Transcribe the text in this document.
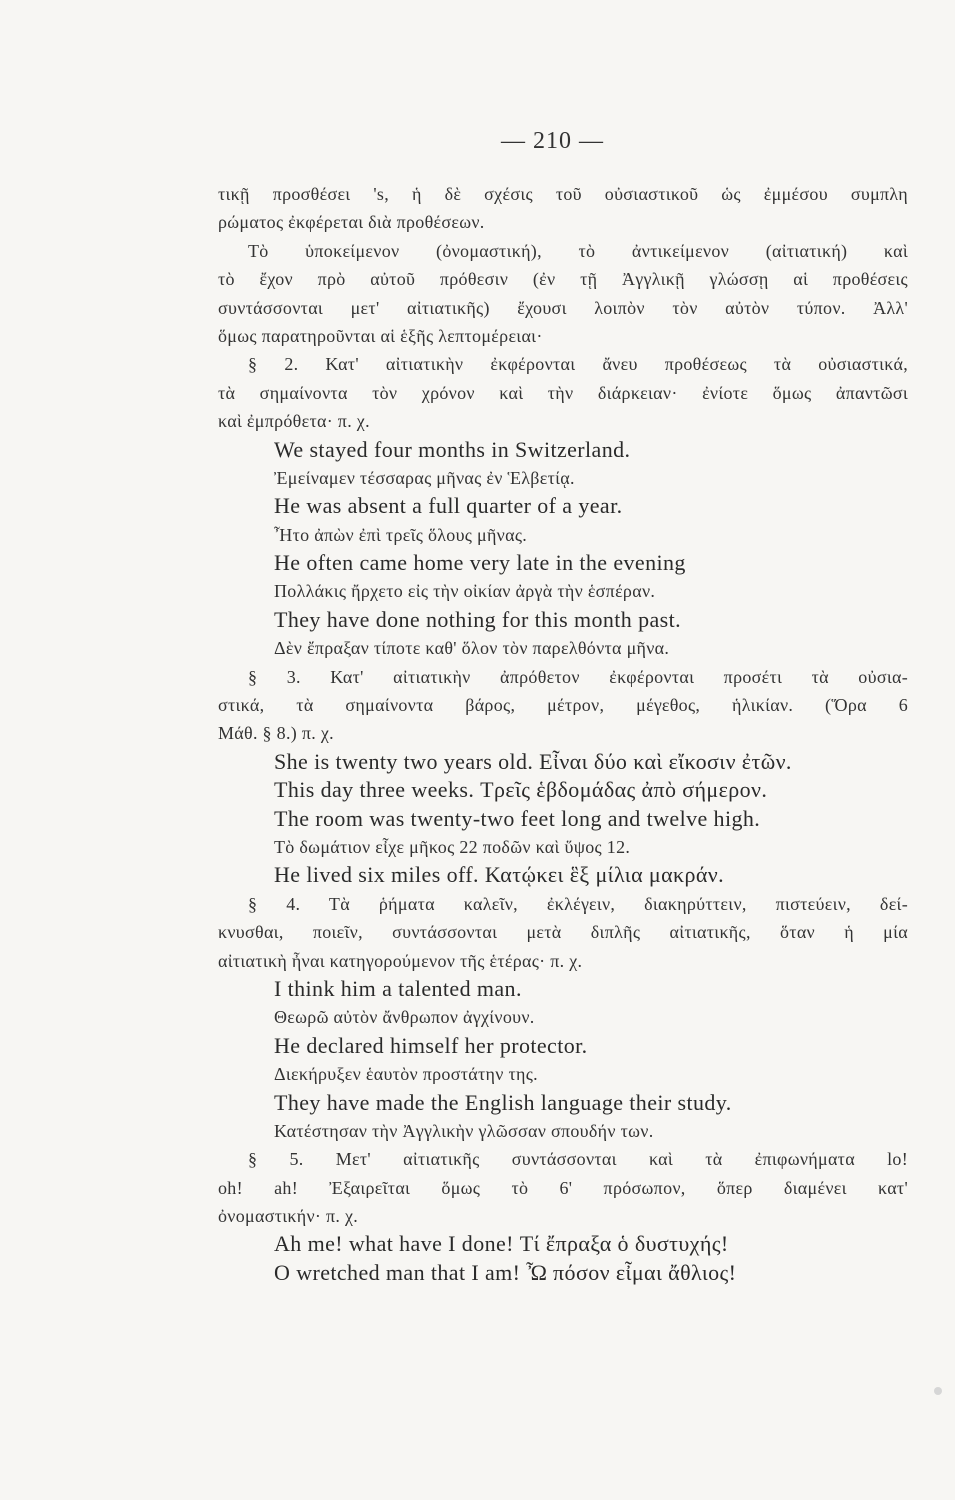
— 210 —
τικῇ προσθέσει 's, ἡ δὲ σχέσις τοῦ οὐσιαστικοῦ ὡς ἐμμέσου συμπλη
ρώματος ἐκφέρεται διὰ προθέσεων.
Τὸ ὑποκείμενον (ὀνομαστική), τὸ ἀντικείμενον (αἰτιατική) καὶ
τὸ ἔχον πρὸ αὐτοῦ πρόθεσιν (ἐν τῇ Ἀγγλικῇ γλώσσῃ αἱ προθέσεις
συντάσσονται μετ' αἰτιατικῆς) ἔχουσι λοιπὸν τὸν αὐτὸν τύπον. Ἀλλ'
ὅμως παρατηροῦνται αἱ ἑξῆς λεπτομέρειαι·
§ 2. Κατ' αἰτιατικὴν ἐκφέρονται ἄνευ προθέσεως τὰ οὐσιαστικά,
τὰ σημαίνοντα τὸν χρόνον καὶ τὴν διάρκειαν· ἐνίοτε ὅμως ἀπαντῶσι
καὶ ἐμπρόθετα· π. χ.
We stayed four months in Switzerland.
Ἐμείναμεν τέσσαρας μῆνας ἐν Ἑλβετίᾳ.
He was absent a full quarter of a year.
Ἦτο ἀπὼν ἐπὶ τρεῖς ὅλους μῆνας.
He often came home very late in the evening
Πολλάκις ἤρχετο εἰς τὴν οἰκίαν ἀργὰ τὴν ἑσπέραν.
They have done nothing for this month past.
Δὲν ἔπραξαν τίποτε καθ' ὅλον τὸν παρελθόντα μῆνα.
§ 3. Κατ' αἰτιατικὴν ἀπρόθετον ἐκφέρονται προσέτι τὰ οὐσια-
στικά, τὰ σημαίνοντα βάρος, μέτρον, μέγεθος, ἡλικίαν. (Ὅρα 6
Μάθ. § 8.) π. χ.
She is twenty two years old. Εἶναι δύο καὶ εἴκοσιν ἐτῶν.
This day three weeks. Τρεῖς ἑβδομάδας ἀπὸ σήμερον.
The room was twenty-two feet long and twelve high.
Τὸ δωμάτιον εἶχε μῆκος 22 ποδῶν καὶ ὕψος 12.
He lived six miles off. Κατῴκει ἓξ μίλια μακράν.
§ 4. Τὰ ῥήματα καλεῖν, ἐκλέγειν, διακηρύττειν, πιστεύειν, δεί-
κνυσθαι, ποιεῖν, συντάσσονται μετὰ διπλῆς αἰτιατικῆς, ὅταν ἡ μία
αἰτιατικὴ ἦναι κατηγορούμενον τῆς ἑτέρας· π. χ.
I think him a talented man.
Θεωρῶ αὐτὸν ἄνθρωπον ἀγχίνουν.
He declared himself her protector.
Διεκήρυξεν ἑαυτὸν προστάτην της.
They have made the English language their study.
Κατέστησαν τὴν Ἀγγλικὴν γλῶσσαν σπουδήν των.
§ 5. Μετ' αἰτιατικῆς συντάσσονται καὶ τὰ ἐπιφωνήματα lo!
oh! ah! Ἐξαιρεῖται ὅμως τὸ 6' πρόσωπον, ὅπερ διαμένει κατ'
ὀνομαστικήν· π. χ.
Ah me! what have I done! Τί ἔπραξα ὁ δυστυχής!
O wretched man that I am! Ὦ πόσον εἶμαι ἄθλιος!
